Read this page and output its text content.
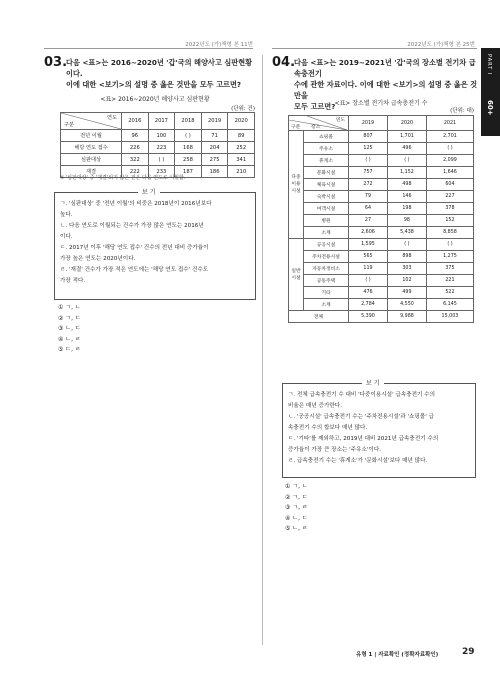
2022년도 (가)책형 본 11번	2022년도 (가)책형 본 25번
PART I
60+
03.
다음 <표>는 2016~2020년 '갑'국의 해양사고 심판현황이다.
이에 대한 <보기>의 설명 중 옳은 것만을 모두 고르면?
<표> 2016~2020년 해양사고 심판현황
(단위: 건)
연도
구분	2016	2017	2018	2019	2020
전년 이월	96	100	( )	71	89
해당 연도 접수	226	223	168	204	252
심판대상	322	( )	258	275	341
재결	222	233	187	186	210
※ '심판대상' 중 '재결'되지 않은 건은 다음 연도로 이월함.
ㄱ. '심판대상' 중 '전년 이월'의 비중은 2018년이 2016년보다
높다.
ㄴ. 다음 연도로 이월되는 건수가 가장 많은 연도는 2016년
이다.
ㄷ. 2017년 이후 '해당 연도 접수' 건수의 전년 대비 증가율이
가장 높은 연도는 2020년이다.
ㄹ. '재결' 건수가 가장 적은 연도에는 '해당 연도 접수' 건수도
가장 적다.
보 기
① ㄱ, ㄴ
② ㄱ, ㄷ
③ ㄴ, ㄷ
④ ㄴ, ㄹ
⑤ ㄷ, ㄹ
04.
다음 <표>는 2019~2021년 '갑'국의 장소별 전기차 급속충전기
수에 관한 자료이다. 이에 대한 <보기>의 설명 중 옳은 것만을
모두 고르면? <표> 장소별 전기차 급속충전기 수
(단위: 대)
연도
구분 장소		2019	2020	2021
다중
이용
시설	쇼핑몰	807	1,701	2,701
	주유소	125	496	( )
	휴게소	( )	( )	2,099
	문화시설	757	1,152	1,646
	체육시설	272	498	604
	숙박시설	79	146	227
	여객시설	64	198	378
	병원	27	98	152
	소계	2,606	5,438	8,858
일반
시설	공공시설	1,595	( )	( )
	주차전용시설	565	898	1,275
	자동차정비소	119	303	375
	공동주택	( )	102	221
	기타	476	499	522
	소계	2,784	4,550	6,145
전체		5,390	9,988	15,003
ㄱ. 전체 급속충전기 수 대비 '다중이용시설' 급속충전기 수의
비율은 매년 증가한다.
ㄴ. '공공시설' 급속충전기 수는 '주차전용시설'과 '쇼핑몰' 급
속충전기 수의 합보다 매년 많다.
ㄷ. '기타'를 제외하고, 2019년 대비 2021년 급속충전기 수의
증가율이 가장 큰 장소는 '주유소'이다.
ㄹ. 급속충전기 수는 '휴게소'가 '문화시설'보다 매년 많다.
보 기
① ㄱ, ㄴ
② ㄱ, ㄷ
③ ㄱ, ㄹ
④ ㄴ, ㄷ
⑤ ㄴ, ㄹ
유형 1 | 자료확인 (정확자료확인)	29
